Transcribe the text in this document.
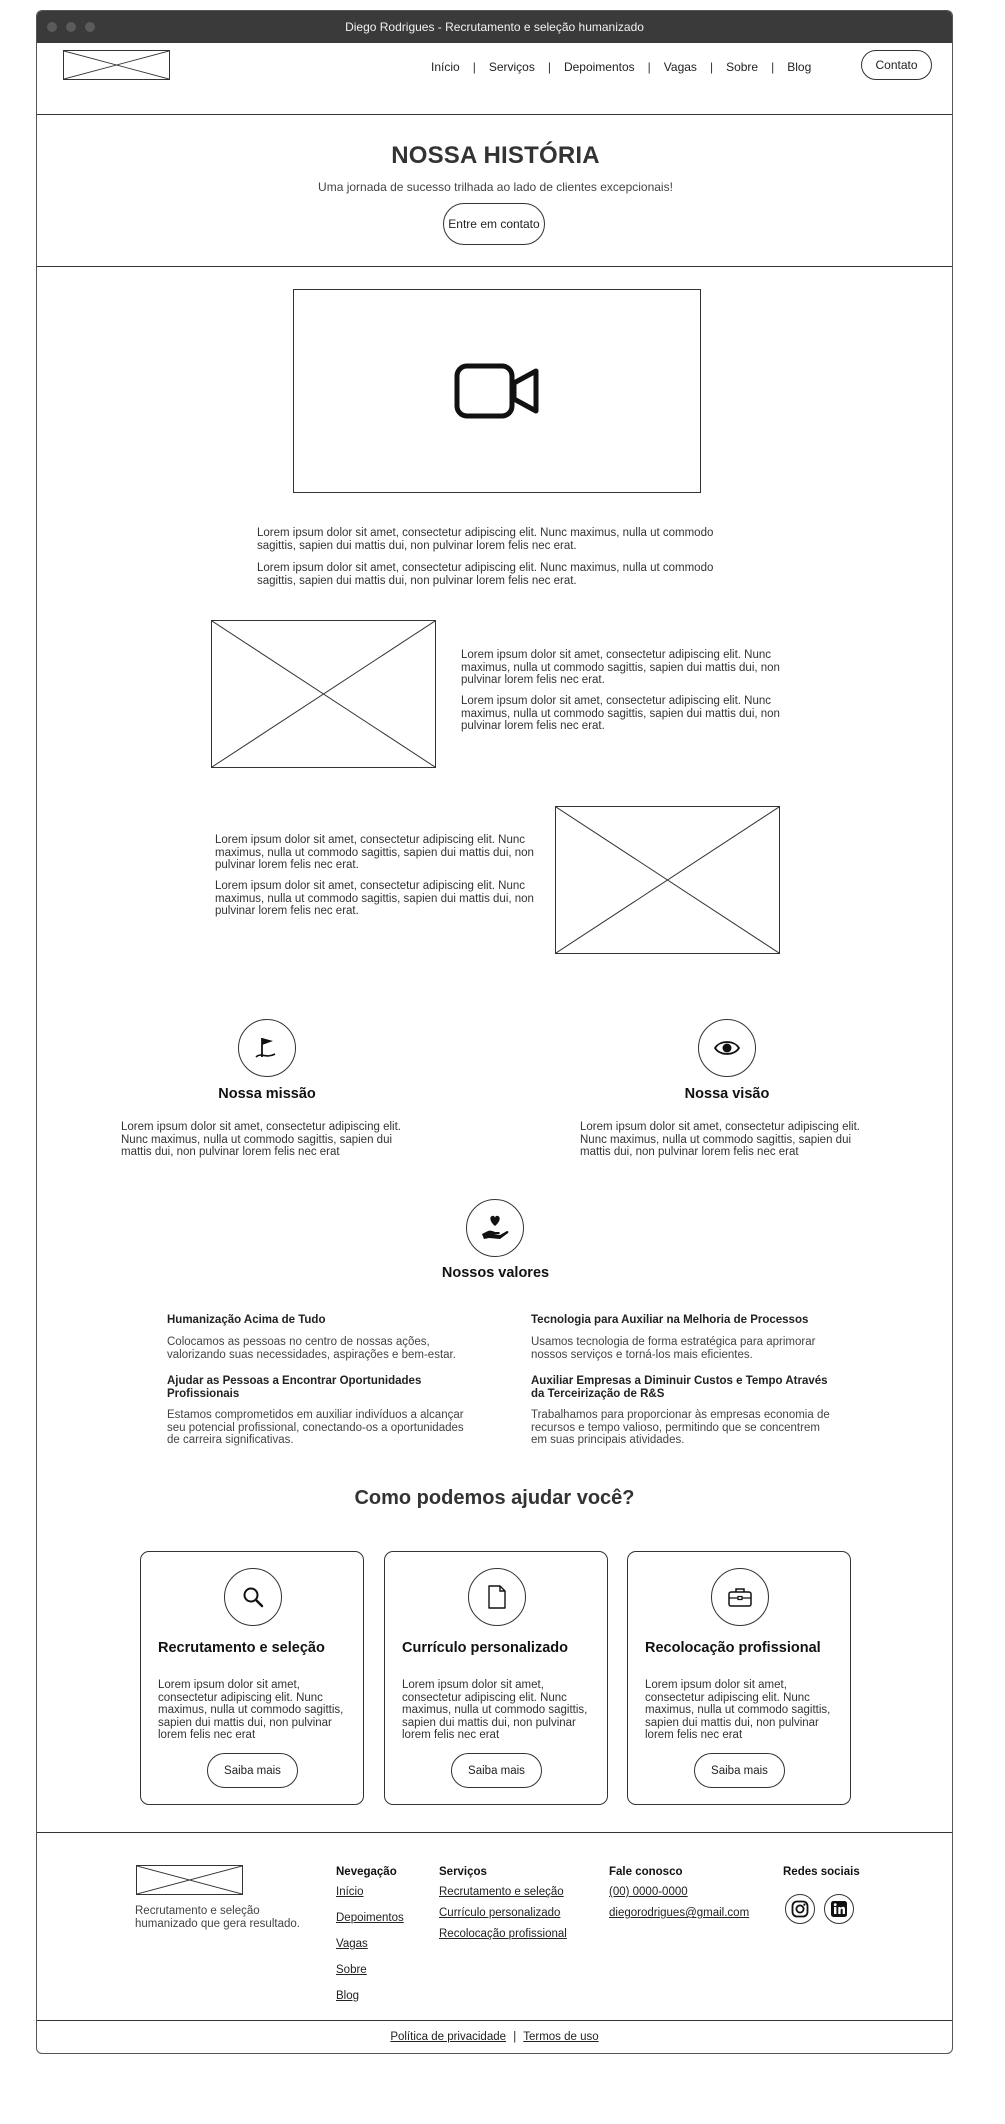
Diego Rodrigues - Recrutamento e seleção humanizado
Início | Serviços | Depoimentos | Vagas | Sobre | Blog	Contato
NOSSA HISTÓRIA

Uma jornada de sucesso trilhada ao lado de clientes excepcionais!

Entre em contato
Lorem ipsum dolor sit amet, consectetur adipiscing elit. Nunc maximus, nulla ut commodo sagittis, sapien dui mattis dui, non pulvinar lorem felis nec erat.
Lorem ipsum dolor sit amet, consectetur adipiscing elit. Nunc maximus, nulla ut commodo sagittis, sapien dui mattis dui, non pulvinar lorem felis nec erat.
Lorem ipsum dolor sit amet, consectetur adipiscing elit. Nunc maximus, nulla ut commodo sagittis, sapien dui mattis dui, non pulvinar lorem felis nec erat.
Lorem ipsum dolor sit amet, consectetur adipiscing elit. Nunc maximus, nulla ut commodo sagittis, sapien dui mattis dui, non pulvinar lorem felis nec erat.
Lorem ipsum dolor sit amet, consectetur adipiscing elit. Nunc maximus, nulla ut commodo sagittis, sapien dui mattis dui, non pulvinar lorem felis nec erat.
Lorem ipsum dolor sit amet, consectetur adipiscing elit. Nunc maximus, nulla ut commodo sagittis, sapien dui mattis dui, non pulvinar lorem felis nec erat.
Nossa missão
Lorem ipsum dolor sit amet, consectetur adipiscing elit. Nunc maximus, nulla ut commodo sagittis, sapien dui mattis dui, non pulvinar lorem felis nec erat
Nossa visão
Lorem ipsum dolor sit amet, consectetur adipiscing elit. Nunc maximus, nulla ut commodo sagittis, sapien dui mattis dui, non pulvinar lorem felis nec erat
Nossos valores
Humanização Acima de Tudo
Colocamos as pessoas no centro de nossas ações, valorizando suas necessidades, aspirações e bem-estar.
Ajudar as Pessoas a Encontrar Oportunidades Profissionais
Estamos comprometidos em auxiliar indivíduos a alcançar seu potencial profissional, conectando-os a oportunidades de carreira significativas.
Tecnologia para Auxiliar na Melhoria de Processos
Usamos tecnologia de forma estratégica para aprimorar nossos serviços e torná-los mais eficientes.
Auxiliar Empresas a Diminuir Custos e Tempo Através da Terceirização de R&S
Trabalhamos para proporcionar às empresas economia de recursos e tempo valioso, permitindo que se concentrem em suas principais atividades.
Como podemos ajudar você?
Recrutamento e seleção

Lorem ipsum dolor sit amet, consectetur adipiscing elit. Nunc maximus, nulla ut commodo sagittis, sapien dui mattis dui, non pulvinar lorem felis nec erat

Saiba mais
Currículo personalizado

Lorem ipsum dolor sit amet, consectetur adipiscing elit. Nunc maximus, nulla ut commodo sagittis, sapien dui mattis dui, non pulvinar lorem felis nec erat

Saiba mais
Recolocação profissional

Lorem ipsum dolor sit amet, consectetur adipiscing elit. Nunc maximus, nulla ut commodo sagittis, sapien dui mattis dui, non pulvinar lorem felis nec erat

Saiba mais
Recrutamento e seleção humanizado que gera resultado.
Nevegação
Início
Depoimentos
Vagas
Sobre
Blog
Serviços
Recrutamento e seleção
Currículo personalizado
Recolocação profissional
Fale conosco
(00) 0000-0000
diegorodrigues@gmail.com
Redes sociais
Política de privacidade | Termos de uso
